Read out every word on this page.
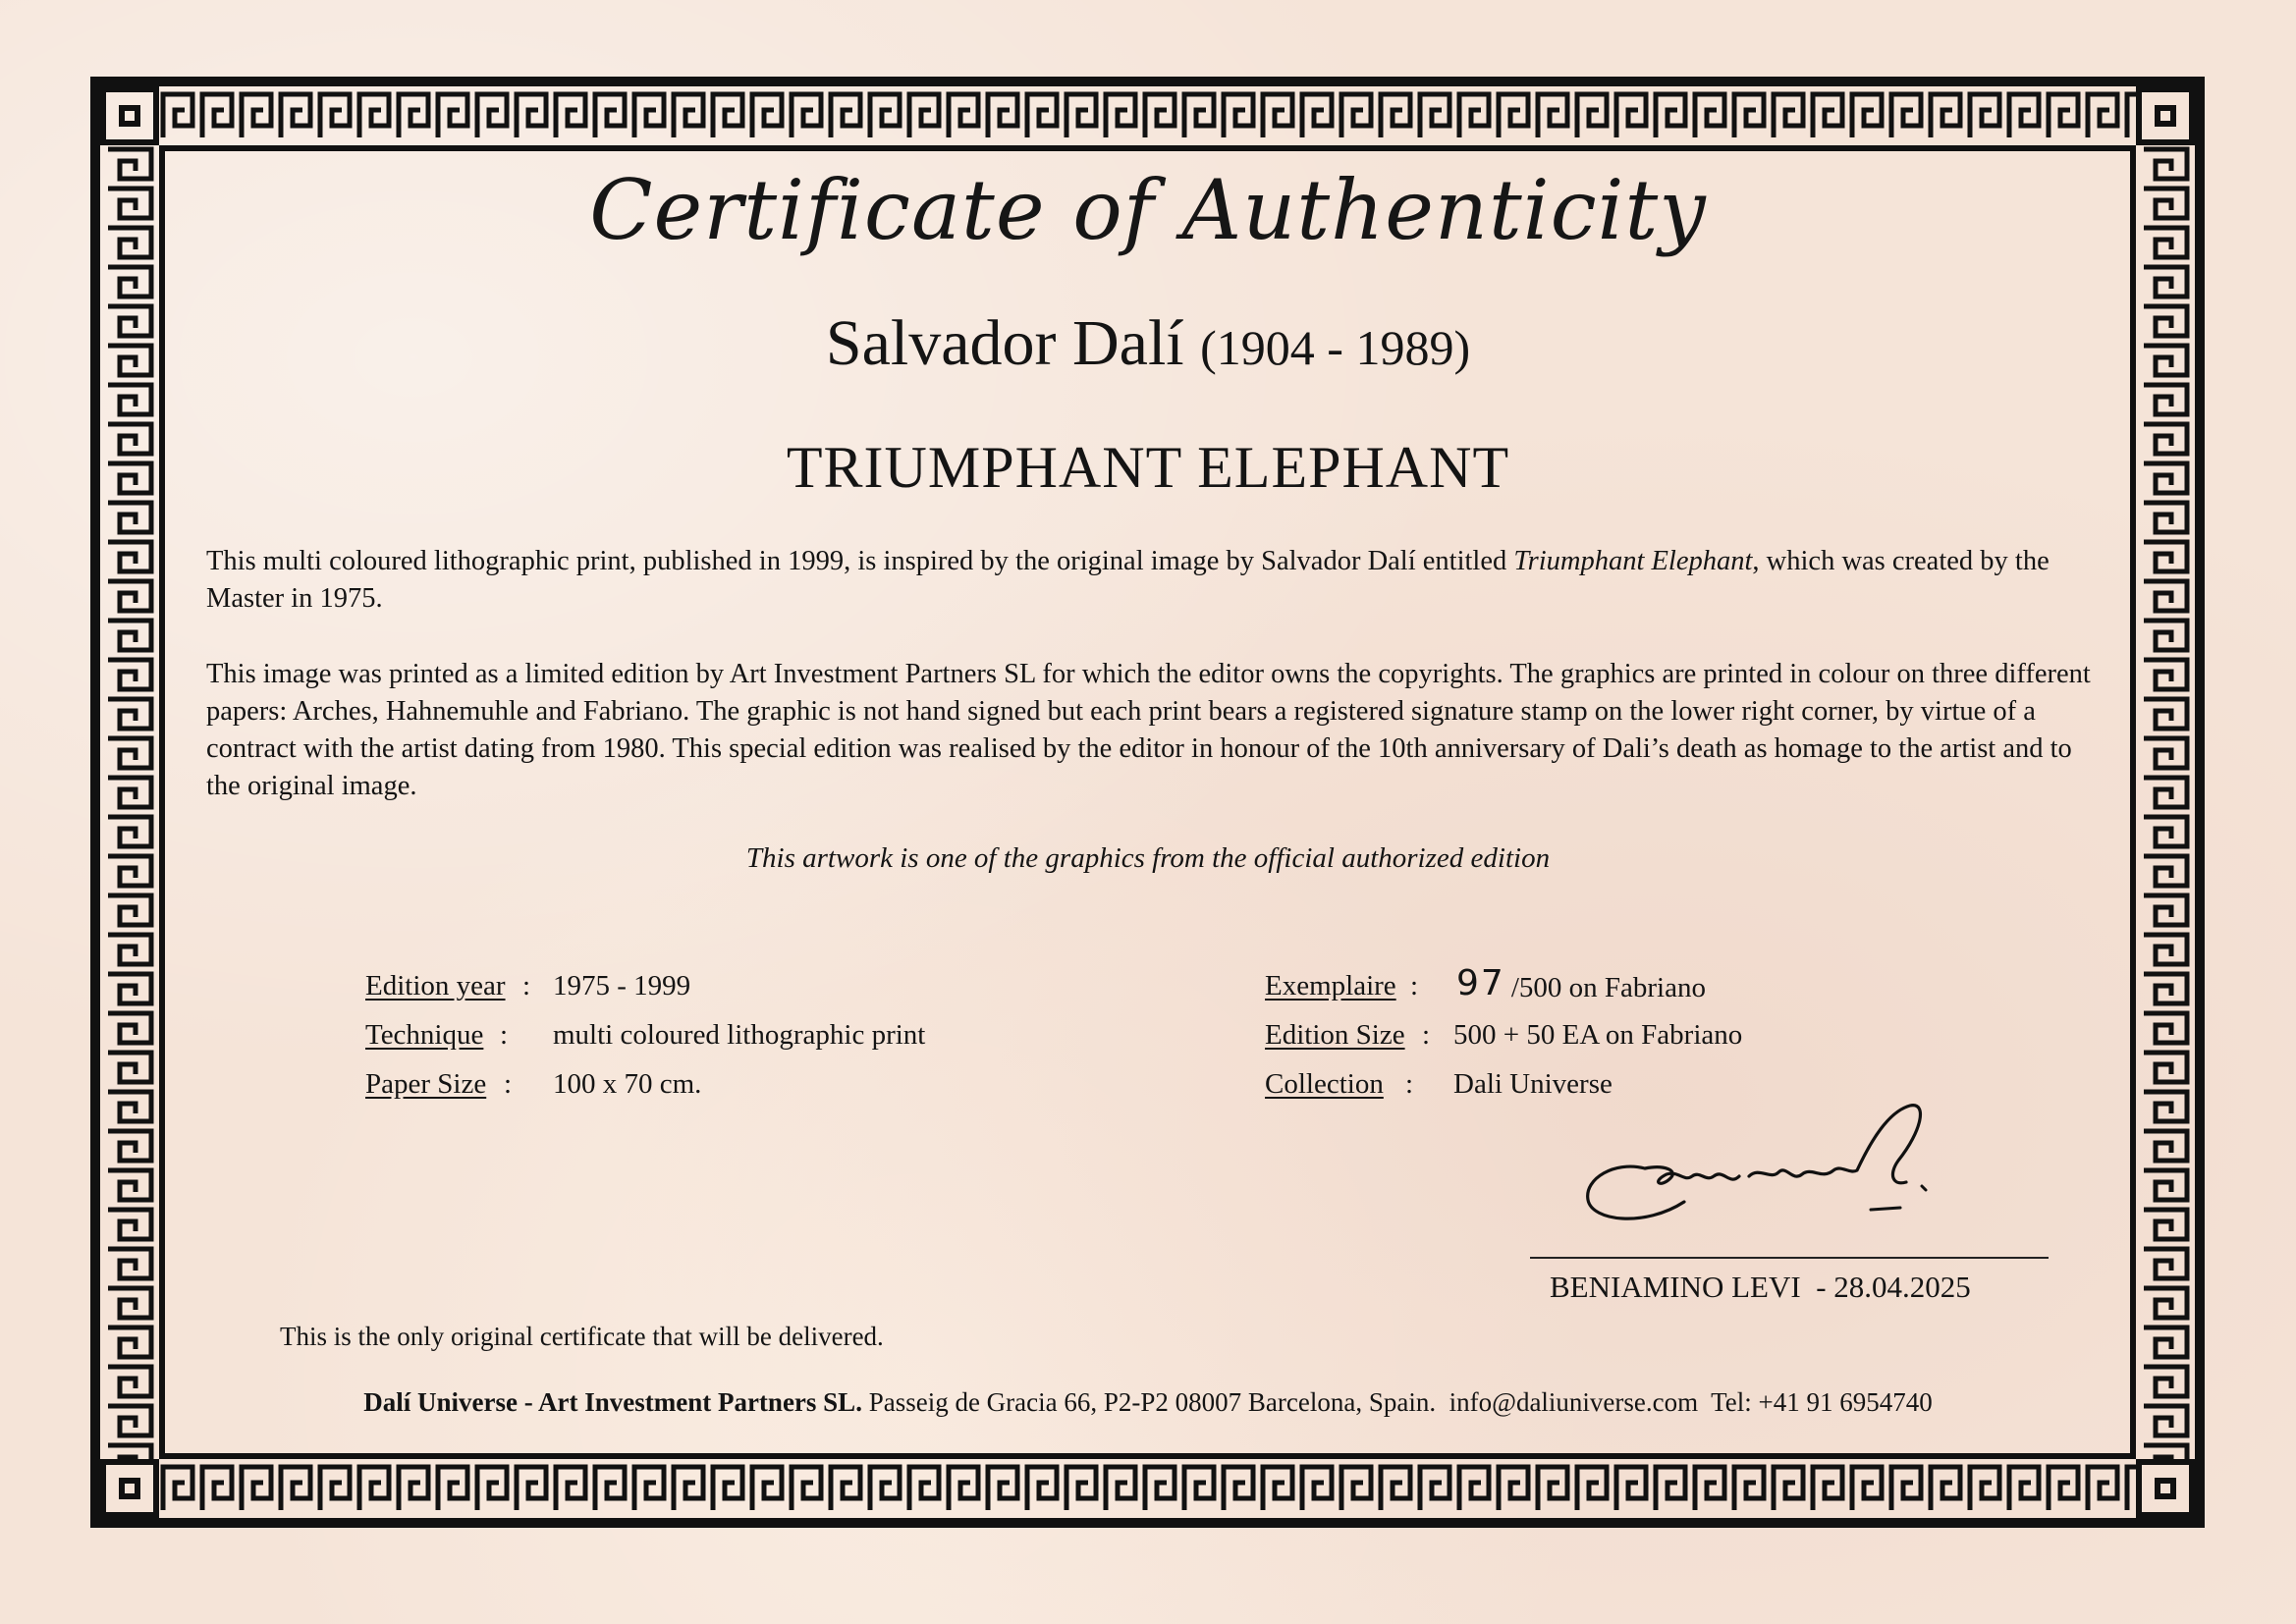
Certificate of Authenticity
Salvador Dalí (1904 - 1989)
TRIUMPHANT ELEPHANT
This multi coloured lithographic print, published in 1999, is inspired by the original image by Salvador Dalí entitled Triumphant Elephant, which was created by the Master in 1975.
This image was printed as a limited edition by Art Investment Partners SL for which the editor owns the copyrights. The graphics are printed in colour on three different papers: Arches, Hahnemuhle and Fabriano. The graphic is not hand signed but each print bears a registered signature stamp on the lower right corner, by virtue of a contract with the artist dating from 1980. This special edition was realised by the editor in honour of the 10th anniversary of Dali’s death as homage to the artist and to the original image.
This artwork is one of the graphics from the official authorized edition
Edition year : 1975 - 1999
Technique : multi coloured lithographic print
Paper Size : 100 x 70 cm.
Exemplaire : 97 /500 on Fabriano
Edition Size : 500 + 50 EA on Fabriano
Collection : Dali Universe
BENIAMINO LEVI  - 28.04.2025
This is the only original certificate that will be delivered.
Dalí Universe - Art Investment Partners SL. Passeig de Gracia 66, P2-P2 08007 Barcelona, Spain.  info@daliuniverse.com  Tel: +41 91 6954740
